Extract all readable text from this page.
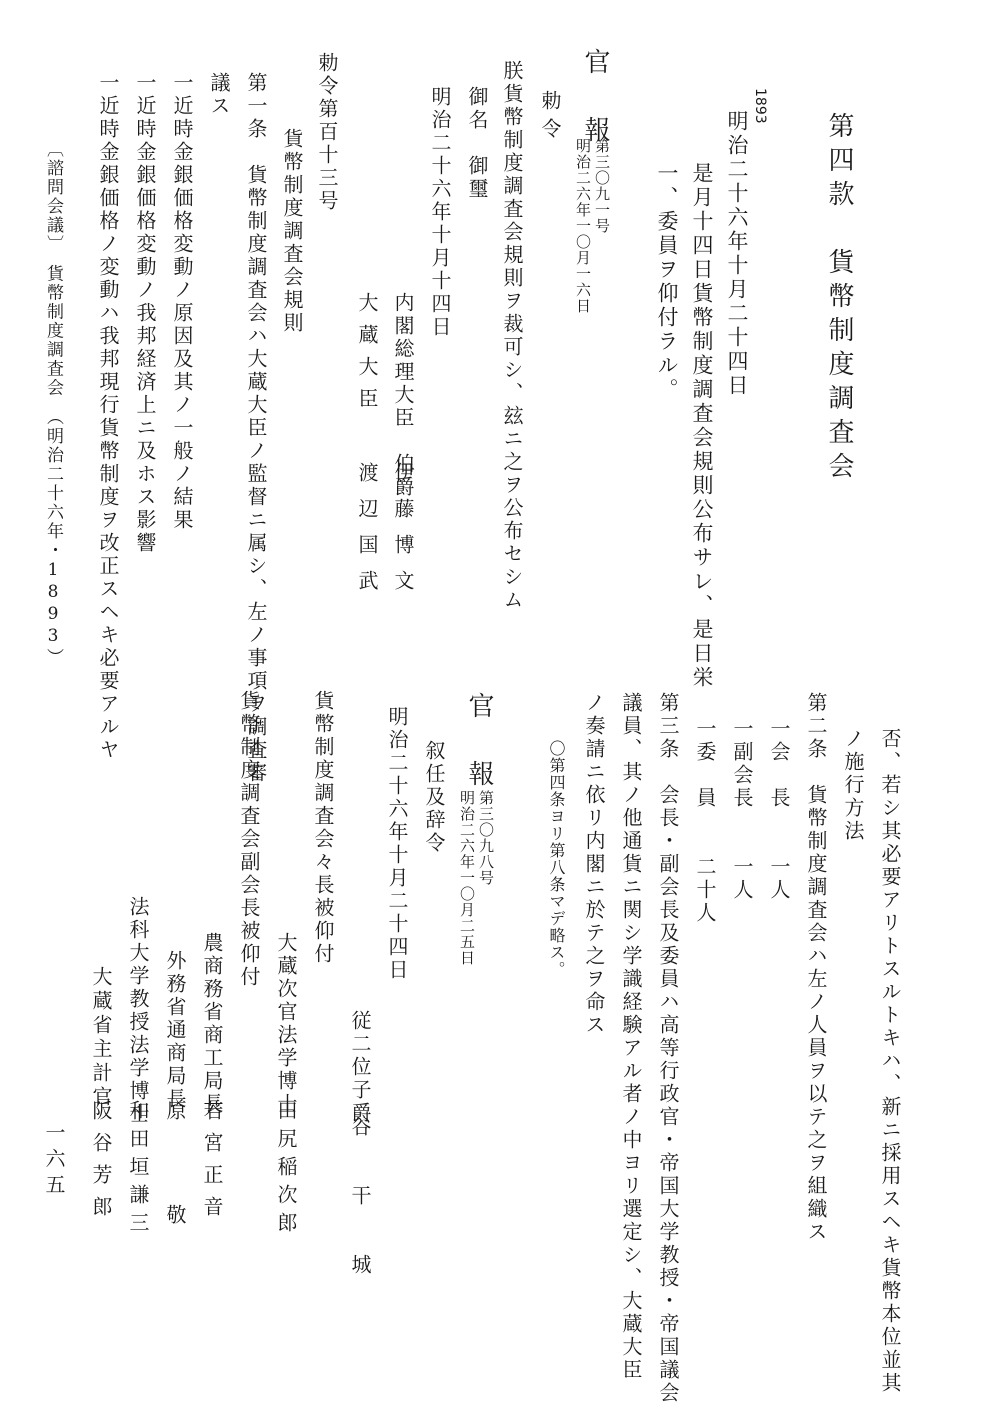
第四款　貨幣制度調査会
1893
明治二十六年十月二十四日
是月十四日貨幣制度調査会規則公布サレ、是日栄
一、委員ヲ仰付ラル。
官　報
第三〇九一号
明治二六年一〇月一六日
勅令
朕貨幣制度調査会規則ヲ裁可シ、玆ニ之ヲ公布セシム
御名　御璽
明治二十六年十月十四日
内閣総理大臣　伯爵
伊藤博文
大蔵大臣
渡辺国武
勅令第百十三号
貨幣制度調査会規則
第一条　貨幣制度調査会ハ大蔵大臣ノ監督ニ属シ、左ノ事項ヲ調査審
議ス
一近時金銀価格変動ノ原因及其ノ一般ノ結果
一近時金銀価格変動ノ我邦経済上ニ及ホス影響
一近時金銀価格ノ変動ハ我邦現行貨幣制度ヲ改正スヘキ必要アルヤ
〔諮問会議〕　貨幣制度調査会　（明治二十六年・1893）
否、若シ其必要アリトスルトキハ、新ニ採用スヘキ貨幣本位並其
ノ施行方法
第二条　貨幣制度調査会ハ左ノ人員ヲ以テ之ヲ組織ス
一会　長　　一人
一副会長　　一人
一委　員　　二十人
第三条　会長・副会長及委員ハ高等行政官・帝国大学教授・帝国議会
議員、其ノ他通貨ニ関シ学識経験アル者ノ中ヨリ選定シ、大蔵大臣
ノ奏請ニ依リ内閣ニ於テ之ヲ命ス
〇第四条ヨリ第八条マデ略ス。
官　報
第三〇九八号
明治二六年一〇月二五日
叙任及辞令
明治二十六年十月二十四日
従二位子爵
谷　　干　　城
貨幣制度調査会々長被仰付
大蔵次官法学博士
田尻稲次郎
貨幣制度調査会副会長被仰付
農商務省商工局長
若宮正音
外務省通商局長
原　　　敬
法科大学教授法学博士
和田垣謙三
大蔵省主計官
阪谷芳郎
一六五
